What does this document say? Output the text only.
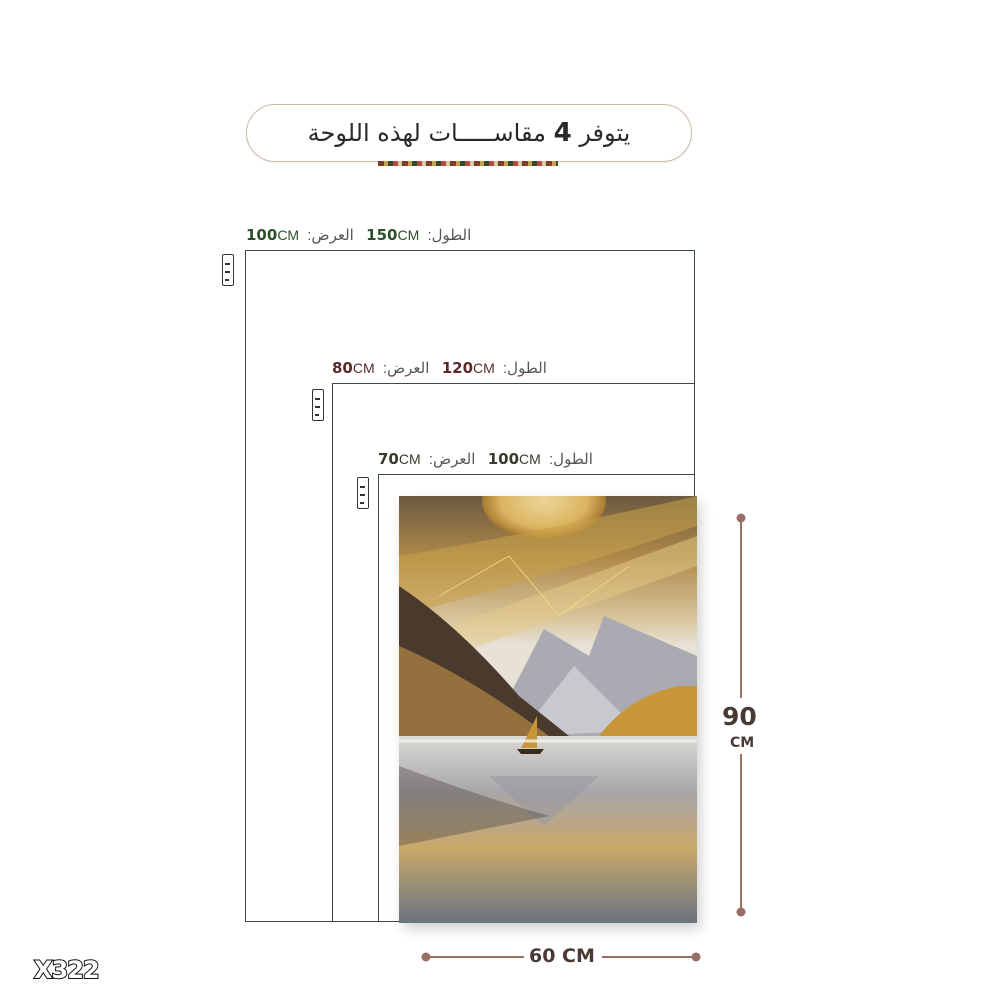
يتوفر 4 مقاســـــات لهذه اللوحة
100CM العرض: 150CM الطول:
80CM العرض: 120CM الطول:
70CM العرض: 100CM الطول:
90
CM
60 CM
X322
